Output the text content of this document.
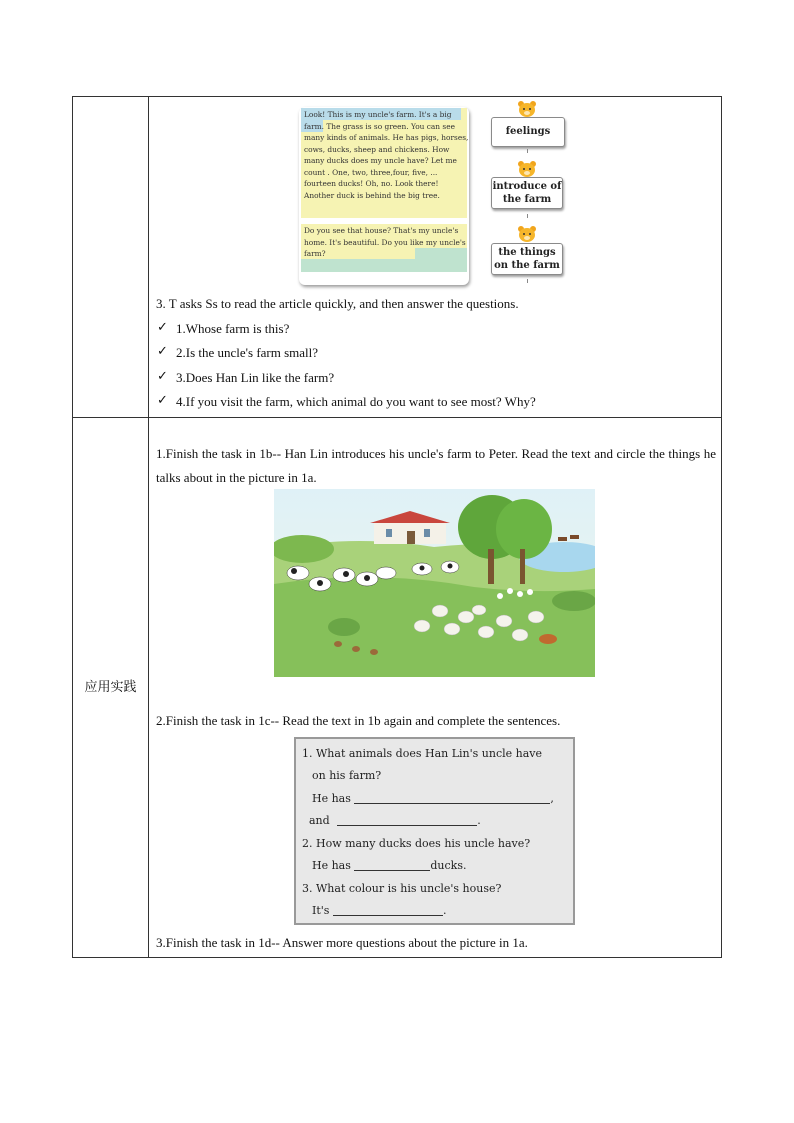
Look! This is my uncle's farm. It's a big farm. The grass is so green. You can see many kinds of animals. He has pigs, horses, cows, ducks, sheep and chickens. How many ducks does my uncle have? Let me count . One, two, three,four, five, ... fourteen ducks! Oh, no. Look there! Another duck is behind the big tree.
Do you see that house? That's my uncle's home. It's beautiful. Do you like my uncle's farm?
feelings
introduce of the farm
the things on the farm
3. T asks Ss to read the article quickly, and then answer the questions.
✓ 1.Whose farm is this?
✓ 2.Is the uncle's farm small?
✓ 3.Does Han Lin like the farm?
✓ 4.If you visit the farm, which animal do you want to see most? Why?
应用实践
1.Finish the task in 1b-- Han Lin introduces his uncle's farm to Peter. Read the text and circle the things he talks about in the picture in 1a.
2.Finish the task in 1c-- Read the text in 1b again and complete the sentences.
1. What animals does Han Lin's uncle have
on his farm?
He has	,
and	.
2. How many ducks does his uncle have?
He has	ducks.
3. What colour is his uncle's house?
It's	.
3.Finish the task in 1d-- Answer more questions about the picture in 1a.
